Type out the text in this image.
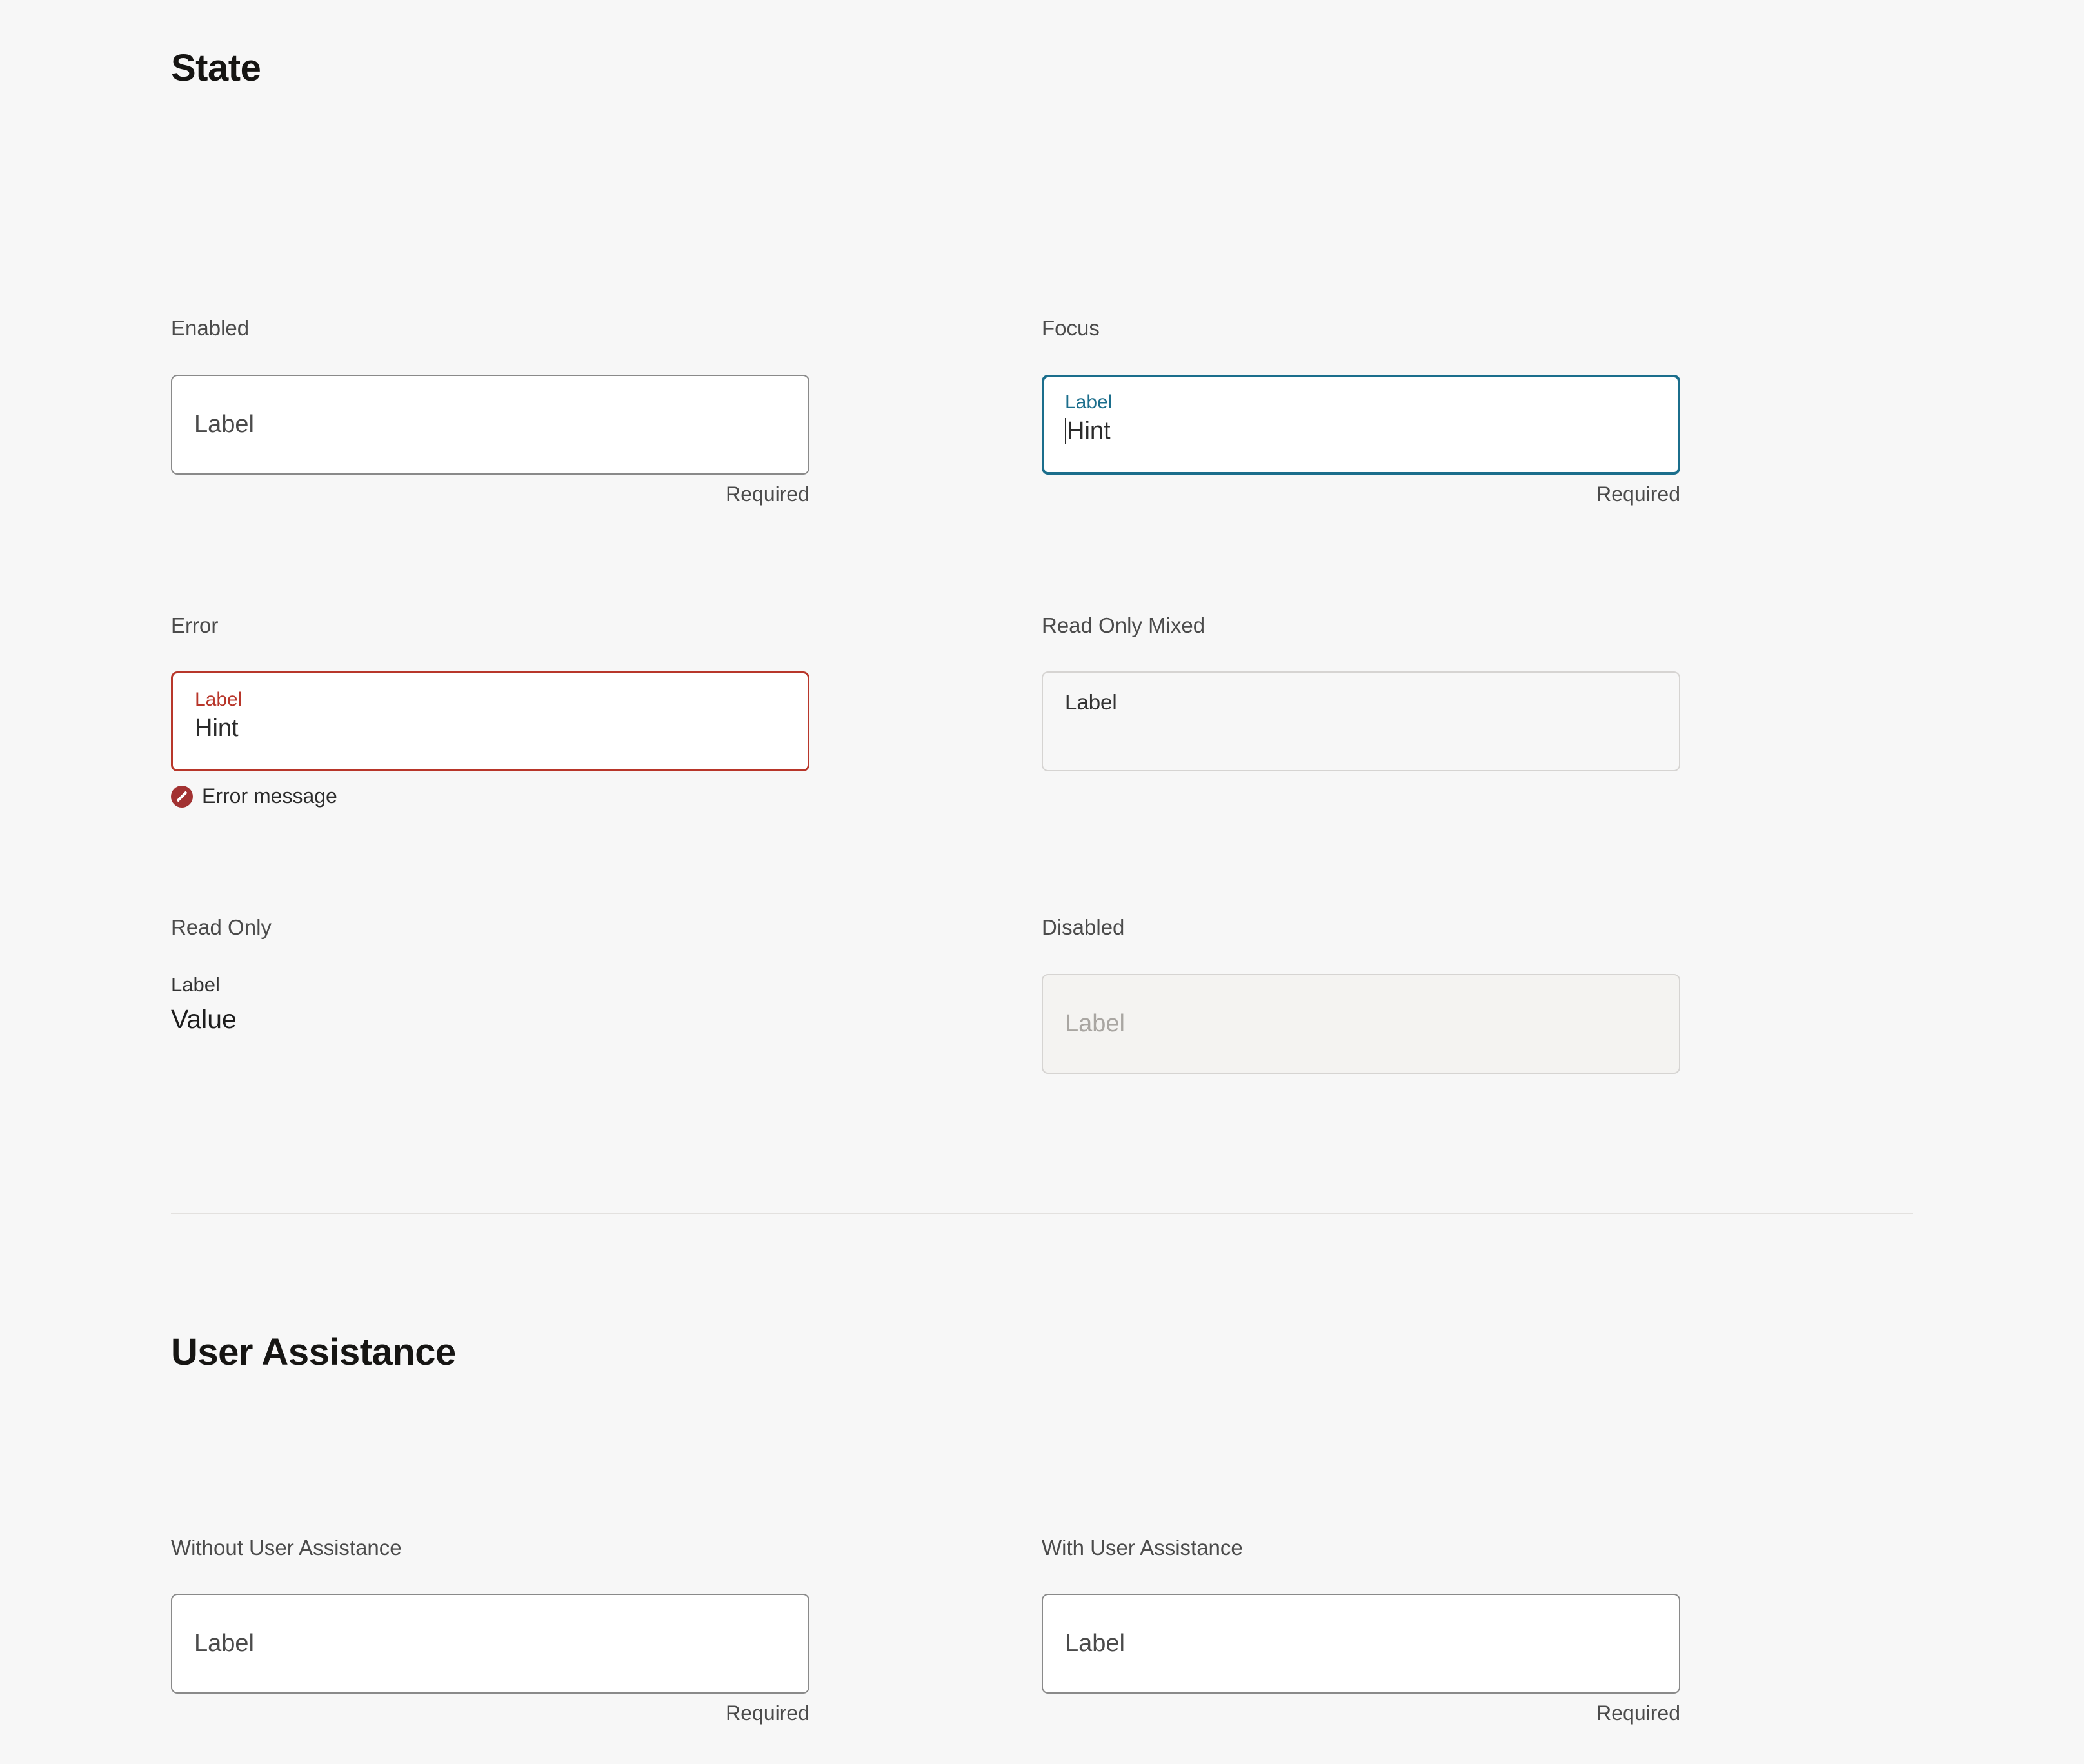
State
Enabled
Label
Required
Focus
Label
Hint
Required
Error
Label
Hint
Error message
Read Only Mixed
Label
Read Only
Label
Value
Disabled
Label
User Assistance
Without User Assistance
Label
Required
With User Assistance
Label
Required
